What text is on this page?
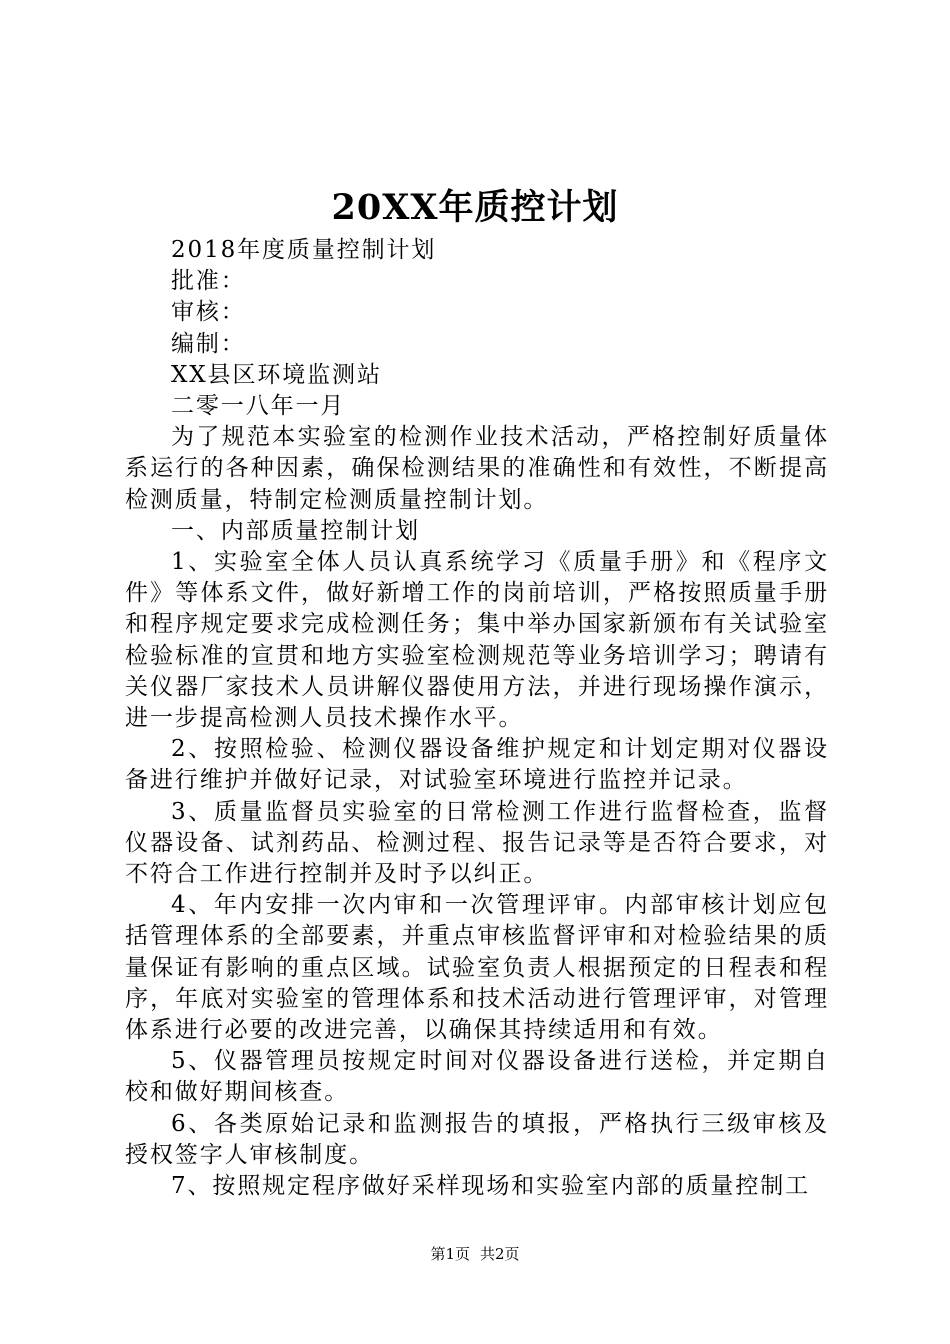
20XX年质控计划

2018年度质量控制计划

批准：

审核：

编制：

XX县区环境监测站

二零一八年一月

为了规范本实验室的检测作业技术活动，严格控制好质量体系运行的各种因素，确保检测结果的准确性和有效性，不断提高检测质量，特制定检测质量控制计划。

一、内部质量控制计划

1、实验室全体人员认真系统学习《质量手册》和《程序文件》等体系文件，做好新增工作的岗前培训，严格按照质量手册和程序规定要求完成检测任务；集中举办国家新颁布有关试验室检验标准的宣贯和地方实验室检测规范等业务培训学习；聘请有关仪器厂家技术人员讲解仪器使用方法，并进行现场操作演示，进一步提高检测人员技术操作水平。

2、按照检验、检测仪器设备维护规定和计划定期对仪器设备进行维护并做好记录，对试验室环境进行监控并记录。

3、质量监督员实验室的日常检测工作进行监督检查，监督仪器设备、试剂药品、检测过程、报告记录等是否符合要求，对不符合工作进行控制并及时予以纠正。

4、年内安排一次内审和一次管理评审。内部审核计划应包括管理体系的全部要素，并重点审核监督评审和对检验结果的质量保证有影响的重点区域。试验室负责人根据预定的日程表和程序，年底对实验室的管理体系和技术活动进行管理评审，对管理体系进行必要的改进完善，以确保其持续适用和有效。

5、仪器管理员按规定时间对仪器设备进行送检，并定期自校和做好期间核查。

6、各类原始记录和监测报告的填报，严格执行三级审核及授权签字人审核制度。

7、按照规定程序做好采样现场和实验室内部的质量控制工

第1页 共2页
